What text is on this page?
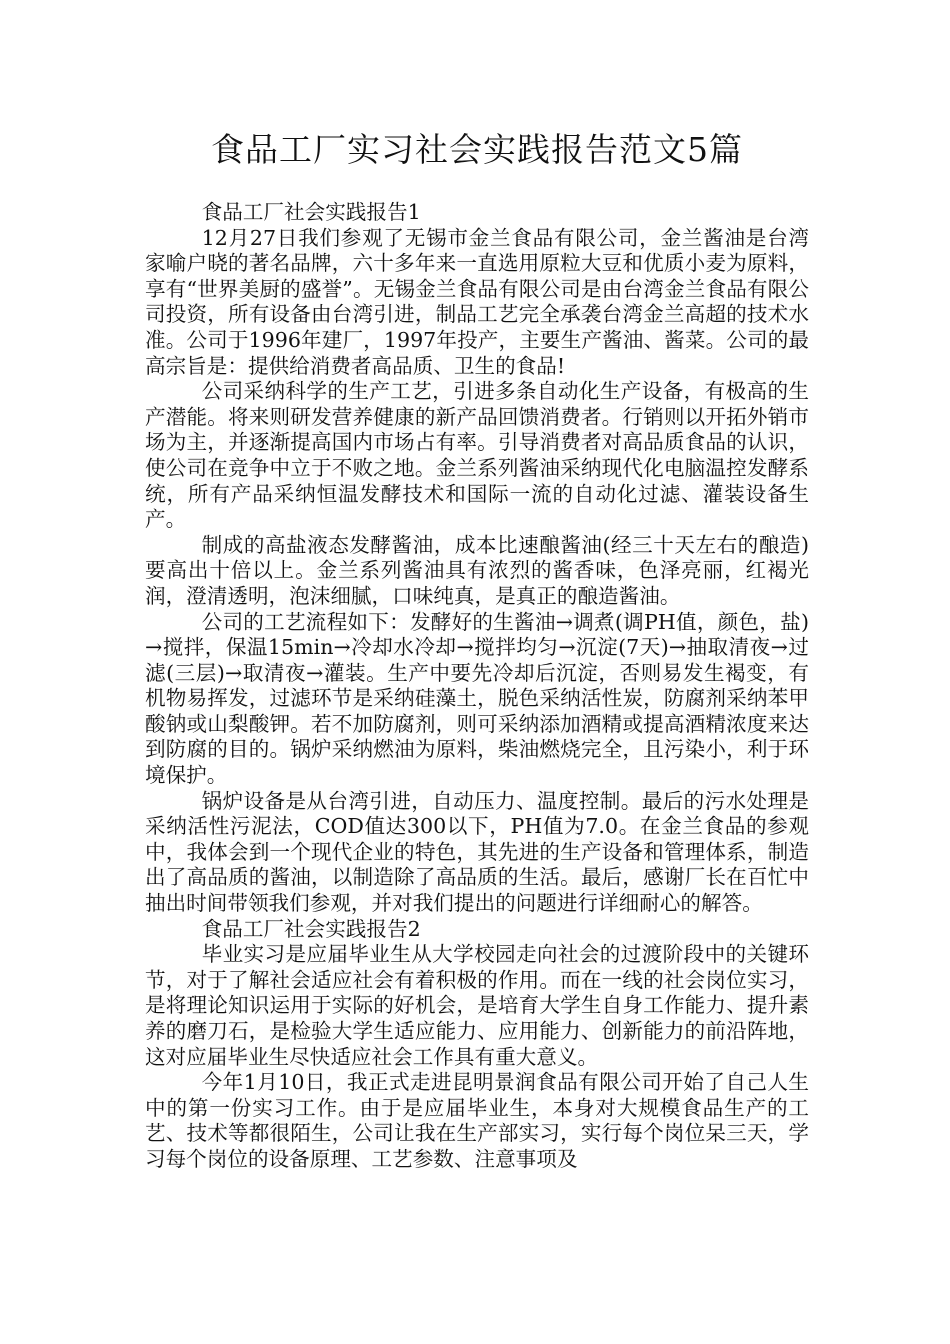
食品工厂实习社会实践报告范文5篇

食品工厂社会实践报告1

12月27日我们参观了无锡市金兰食品有限公司，金兰酱油是台湾家喻户晓的著名品牌，六十多年来一直选用原粒大豆和优质小麦为原料，享有“世界美厨的盛誉”。无锡金兰食品有限公司是由台湾金兰食品有限公司投资，所有设备由台湾引进，制品工艺完全承袭台湾金兰高超的技术水准。公司于1996年建厂，1997年投产，主要生产酱油、酱菜。公司的最高宗旨是：提供给消费者高品质、卫生的食品!

公司采纳科学的生产工艺，引进多条自动化生产设备，有极高的生产潜能。将来则研发营养健康的新产品回馈消费者。行销则以开拓外销市场为主，并逐渐提高国内市场占有率。引导消费者对高品质食品的认识，使公司在竞争中立于不败之地。金兰系列酱油采纳现代化电脑温控发酵系统，所有产品采纳恒温发酵技术和国际一流的自动化过滤、灌装设备生产。

制成的高盐液态发酵酱油，成本比速酿酱油(经三十天左右的酿造)要高出十倍以上。金兰系列酱油具有浓烈的酱香味，色泽亮丽，红褐光润，澄清透明，泡沫细腻，口味纯真，是真正的酿造酱油。

公司的工艺流程如下：发酵好的生酱油→调煮(调PH值，颜色，盐)→搅拌，保温15min→冷却水冷却→搅拌均匀→沉淀(7天)→抽取清夜→过滤(三层)→取清夜→灌装。生产中要先冷却后沉淀，否则易发生褐变，有机物易挥发，过滤环节是采纳硅藻土，脱色采纳活性炭，防腐剂采纳苯甲酸钠或山梨酸钾。若不加防腐剂，则可采纳添加酒精或提高酒精浓度来达到防腐的目的。锅炉采纳燃油为原料，柴油燃烧完全，且污染小，利于环境保护。

锅炉设备是从台湾引进，自动压力、温度控制。最后的污水处理是采纳活性污泥法，COD值达300以下，PH值为7.0。在金兰食品的参观中，我体会到一个现代企业的特色，其先进的生产设备和管理体系，制造出了高品质的酱油，以制造除了高品质的生活。最后，感谢厂长在百忙中抽出时间带领我们参观，并对我们提出的问题进行详细耐心的解答。

食品工厂社会实践报告2

毕业实习是应届毕业生从大学校园走向社会的过渡阶段中的关键环节，对于了解社会适应社会有着积极的作用。而在一线的社会岗位实习，是将理论知识运用于实际的好机会，是培育大学生自身工作能力、提升素养的磨刀石，是检验大学生适应能力、应用能力、创新能力的前沿阵地，这对应届毕业生尽快适应社会工作具有重大意义。

今年1月10日，我正式走进昆明景润食品有限公司开始了自己人生中的第一份实习工作。由于是应届毕业生，本身对大规模食品生产的工艺、技术等都很陌生，公司让我在生产部实习，实行每个岗位呆三天，学习每个岗位的设备原理、工艺参数、注意事项及
